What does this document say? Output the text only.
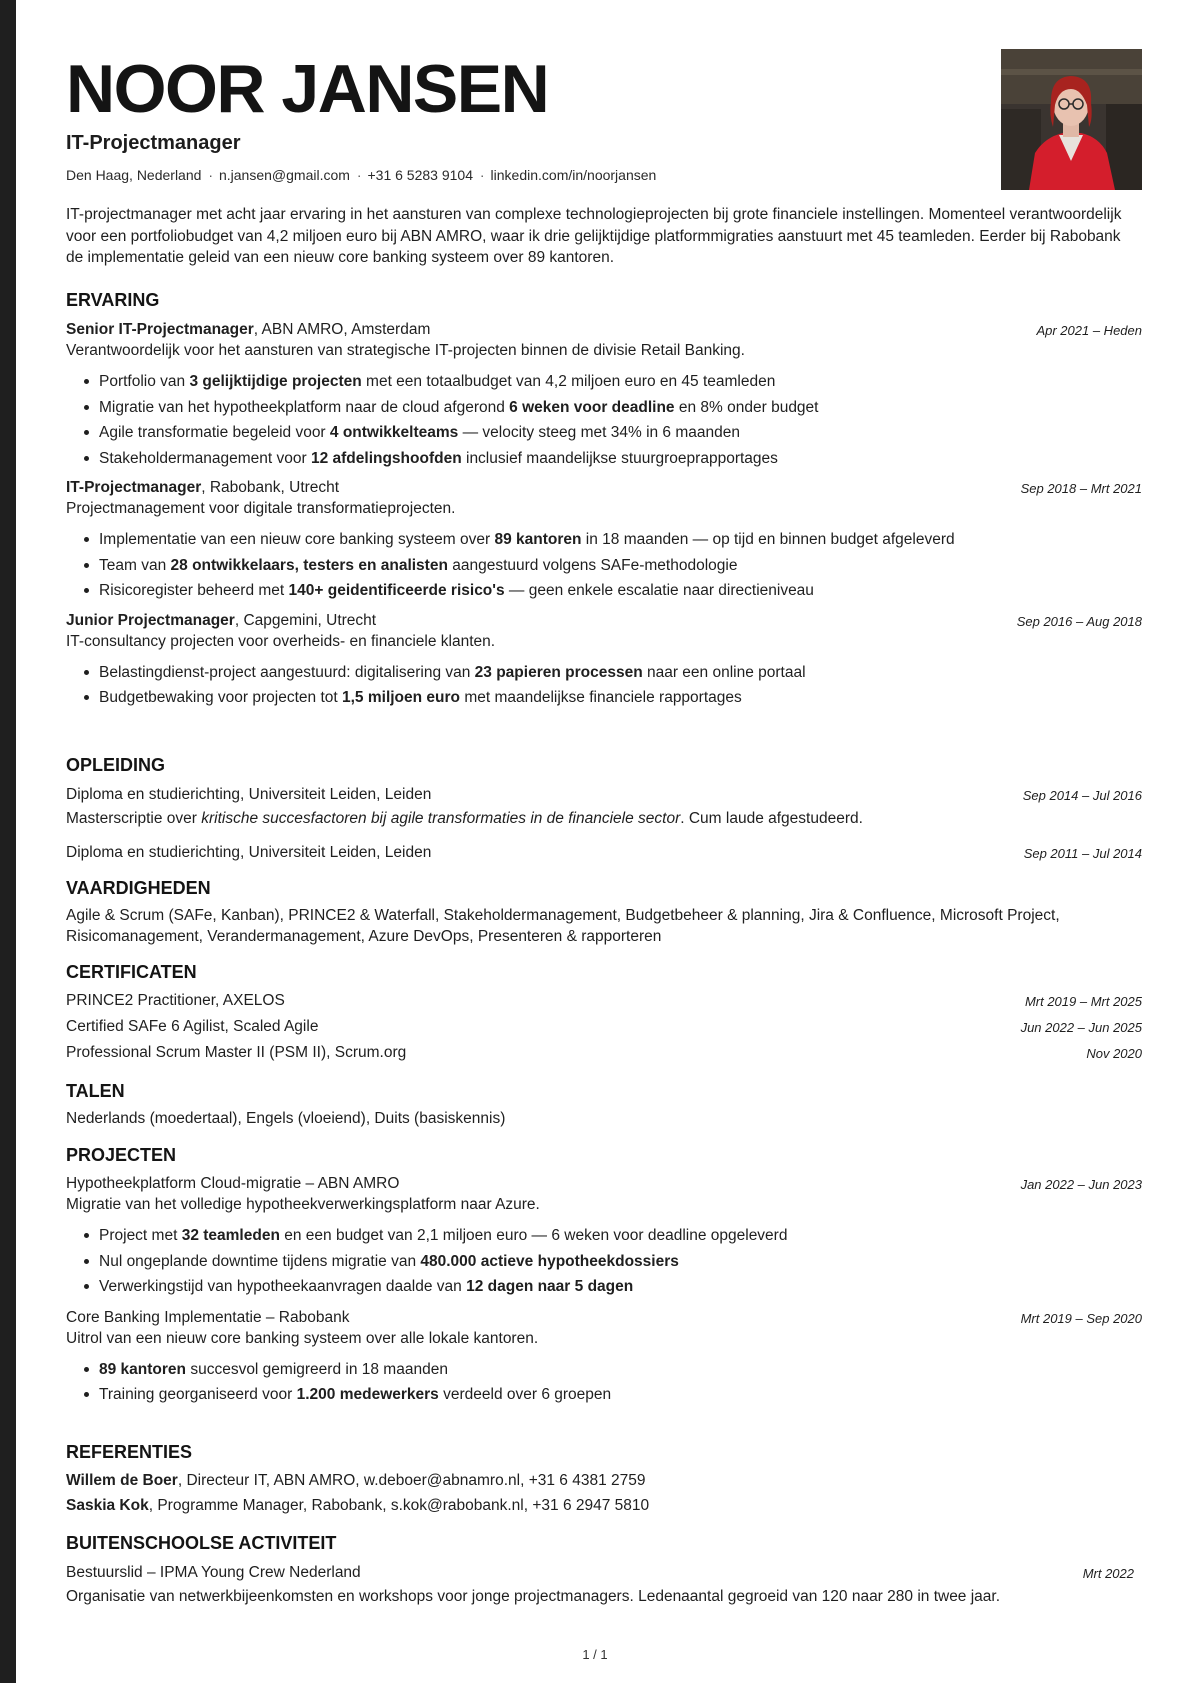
NOOR JANSEN
IT-Projectmanager
Den Haag, Nederland · n.jansen@gmail.com · +31 6 5283 9104 · linkedin.com/in/noorjansen
IT-projectmanager met acht jaar ervaring in het aansturen van complexe technologieprojecten bij grote financiele instellingen. Momenteel verantwoordelijk voor een portfoliobudget van 4,2 miljoen euro bij ABN AMRO, waar ik drie gelijktijdige platformmigraties aanstuurt met 45 teamleden. Eerder bij Rabobank de implementatie geleid van een nieuw core banking systeem over 89 kantoren.
ERVARING
Senior IT-Projectmanager, ABN AMRO, Amsterdam	Apr 2021 – Heden
Verantwoordelijk voor het aansturen van strategische IT-projecten binnen de divisie Retail Banking.
Portfolio van 3 gelijktijdige projecten met een totaalbudget van 4,2 miljoen euro en 45 teamleden
Migratie van het hypotheekplatform naar de cloud afgerond 6 weken voor deadline en 8% onder budget
Agile transformatie begeleid voor 4 ontwikkelteams — velocity steeg met 34% in 6 maanden
Stakeholdermanagement voor 12 afdelingshoofden inclusief maandelijkse stuurgroeprapportages
IT-Projectmanager, Rabobank, Utrecht	Sep 2018 – Mrt 2021
Projectmanagement voor digitale transformatieprojecten.
Implementatie van een nieuw core banking systeem over 89 kantoren in 18 maanden — op tijd en binnen budget afgeleverd
Team van 28 ontwikkelaars, testers en analisten aangestuurd volgens SAFe-methodologie
Risicoregister beheerd met 140+ geidentificeerde risico's — geen enkele escalatie naar directieniveau
Junior Projectmanager, Capgemini, Utrecht	Sep 2016 – Aug 2018
IT-consultancy projecten voor overheids- en financiele klanten.
Belastingdienst-project aangestuurd: digitalisering van 23 papieren processen naar een online portaal
Budgetbewaking voor projecten tot 1,5 miljoen euro met maandelijkse financiele rapportages
OPLEIDING
Diploma en studierichting, Universiteit Leiden, Leiden	Sep 2014 – Jul 2016
Masterscriptie over kritische succesfactoren bij agile transformaties in de financiele sector. Cum laude afgestudeerd.
Diploma en studierichting, Universiteit Leiden, Leiden	Sep 2011 – Jul 2014
VAARDIGHEDEN
Agile & Scrum (SAFe, Kanban), PRINCE2 & Waterfall, Stakeholdermanagement, Budgetbeheer & planning, Jira & Confluence, Microsoft Project, Risicomanagement, Verandermanagement, Azure DevOps, Presenteren & rapporteren
CERTIFICATEN
PRINCE2 Practitioner, AXELOS	Mrt 2019 – Mrt 2025
Certified SAFe 6 Agilist, Scaled Agile	Jun 2022 – Jun 2025
Professional Scrum Master II (PSM II), Scrum.org	Nov 2020
TALEN
Nederlands (moedertaal), Engels (vloeiend), Duits (basiskennis)
PROJECTEN
Hypotheekplatform Cloud-migratie – ABN AMRO	Jan 2022 – Jun 2023
Migratie van het volledige hypotheekverwerkingsplatform naar Azure.
Project met 32 teamleden en een budget van 2,1 miljoen euro — 6 weken voor deadline opgeleverd
Nul ongeplande downtime tijdens migratie van 480.000 actieve hypotheekdossiers
Verwerkingstijd van hypotheekaanvragen daalde van 12 dagen naar 5 dagen
Core Banking Implementatie – Rabobank	Mrt 2019 – Sep 2020
Uitrol van een nieuw core banking systeem over alle lokale kantoren.
89 kantoren succesvol gemigreerd in 18 maanden
Training georganiseerd voor 1.200 medewerkers verdeeld over 6 groepen
REFERENTIES
Willem de Boer, Directeur IT, ABN AMRO, w.deboer@abnamro.nl, +31 6 4381 2759
Saskia Kok, Programme Manager, Rabobank, s.kok@rabobank.nl, +31 6 2947 5810
BUITENSCHOOLSE ACTIVITEIT
Bestuurslid – IPMA Young Crew Nederland	Mrt 2022
Organisatie van netwerkbijeenkomsten en workshops voor jonge projectmanagers. Ledenaantal gegroeid van 120 naar 280 in twee jaar.
1 / 1
